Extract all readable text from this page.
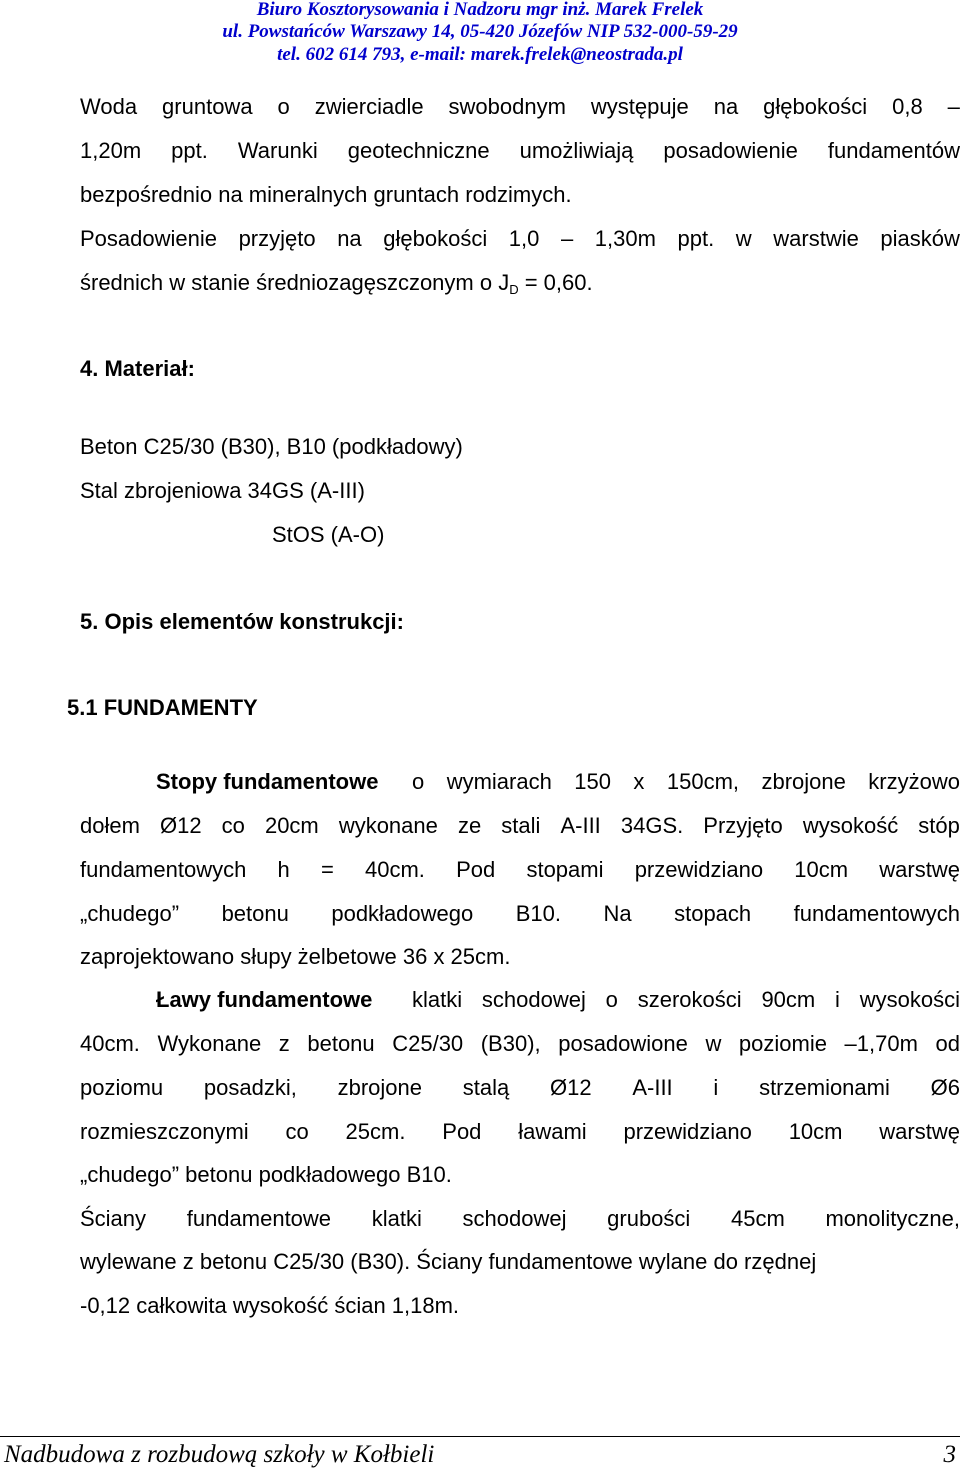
Biuro Kosztorysowania i Nadzoru mgr inż. Marek Frelek
ul. Powstańców Warszawy 14, 05-420 Józefów NIP 532-000-59-29
tel. 602 614 793, e-mail: marek.frelek@neostrada.pl
Woda gruntowa o zwierciadle swobodnym występuje na głębokości 0,8 –
1,20m ppt. Warunki geotechniczne umożliwiają posadowienie fundamentów
bezpośrednio na mineralnych gruntach rodzimych.
Posadowienie przyjęto na głębokości 1,0 – 1,30m ppt. w warstwie piasków
średnich w stanie średniozagęszczonym o JD = 0,60.
4. Materiał:
Beton C25/30 (B30), B10 (podkładowy)
Stal zbrojeniowa 34GS (A-III)
StOS (A-O)
5. Opis elementów konstrukcji:
5.1 FUNDAMENTY
Stopy fundamentowe o wymiarach 150 x 150cm, zbrojone krzyżowo
dołem Ø12 co 20cm wykonane ze stali A-III 34GS. Przyjęto wysokość stóp
fundamentowych h = 40cm. Pod stopami przewidziano 10cm warstwę
„chudego” betonu podkładowego B10. Na stopach fundamentowych
zaprojektowano słupy żelbetowe 36 x 25cm.
Ławy fundamentowe klatki schodowej o szerokości 90cm i wysokości
40cm. Wykonane z betonu C25/30 (B30), posadowione w poziomie –1,70m od
poziomu posadzki, zbrojone stalą Ø12 A-III i strzemionami Ø6
rozmieszczonymi co 25cm. Pod ławami przewidziano 10cm warstwę
„chudego” betonu podkładowego B10.
Ściany fundamentowe klatki schodowej grubości 45cm monolityczne,
wylewane z betonu C25/30 (B30). Ściany fundamentowe wylane do rzędnej
-0,12 całkowita wysokość ścian 1,18m.
Nadbudowa z rozbudową szkoły w Kołbieli	3
